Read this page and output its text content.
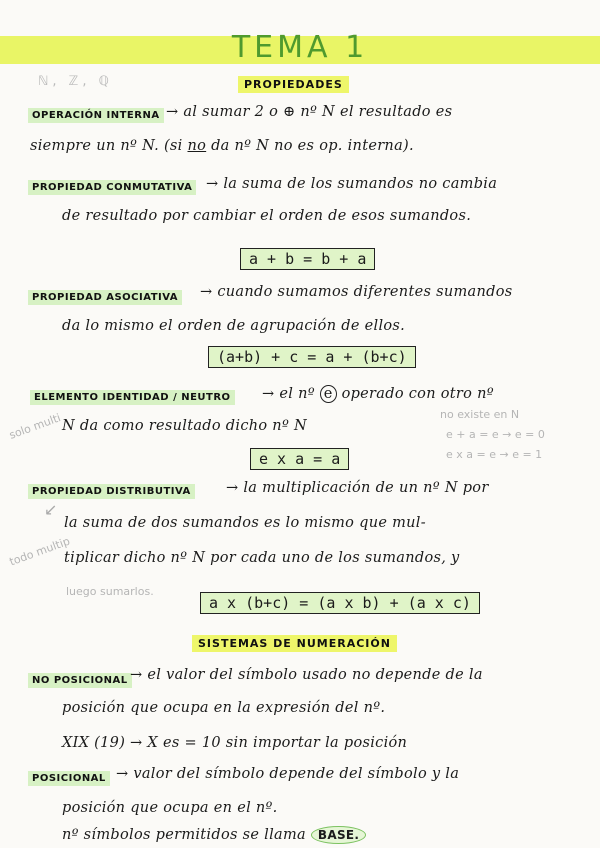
TEMA 1
ℕ, ℤ, ℚ	PROPIEDADES
OPERACIÓN INTERNA → al sumar 2 o ⊕ nº N el resultado es
siempre un nº N. (si no da nº N no es op. interna).
PROPIEDAD CONMUTATIVA → la suma de los sumandos no cambia
de resultado por cambiar el orden de esos sumandos.
a + b = b + a
PROPIEDAD ASOCIATIVA → cuando sumamos diferentes sumandos
da lo mismo el orden de agrupación de ellos.
(a+b) + c = a + (b+c)
ELEMENTO IDENTIDAD / NEUTRO → el nº e operado con otro nº
N da como resultado dicho nº N
no existe en N
e + a = e → e = 0
e x a = e → e = 1
solo multi
e x a = a
PROPIEDAD DISTRIBUTIVA → la multiplicación de un nº N por
la suma de dos sumandos es lo mismo que mul-
tiplicar dicho nº N por cada uno de los sumandos, y
todo multip
↙
luego sumarlos.
a x (b+c) = (a x b) + (a x c)
SISTEMAS DE NUMERACIÓN
NO POSICIONAL → el valor del símbolo usado no depende de la
posición que ocupa en la expresión del nº.
XIX (19) → X es = 10 sin importar la posición
POSICIONAL → valor del símbolo depende del símbolo y la
posición que ocupa en el nº.
nº símbolos permitidos se llama BASE.
